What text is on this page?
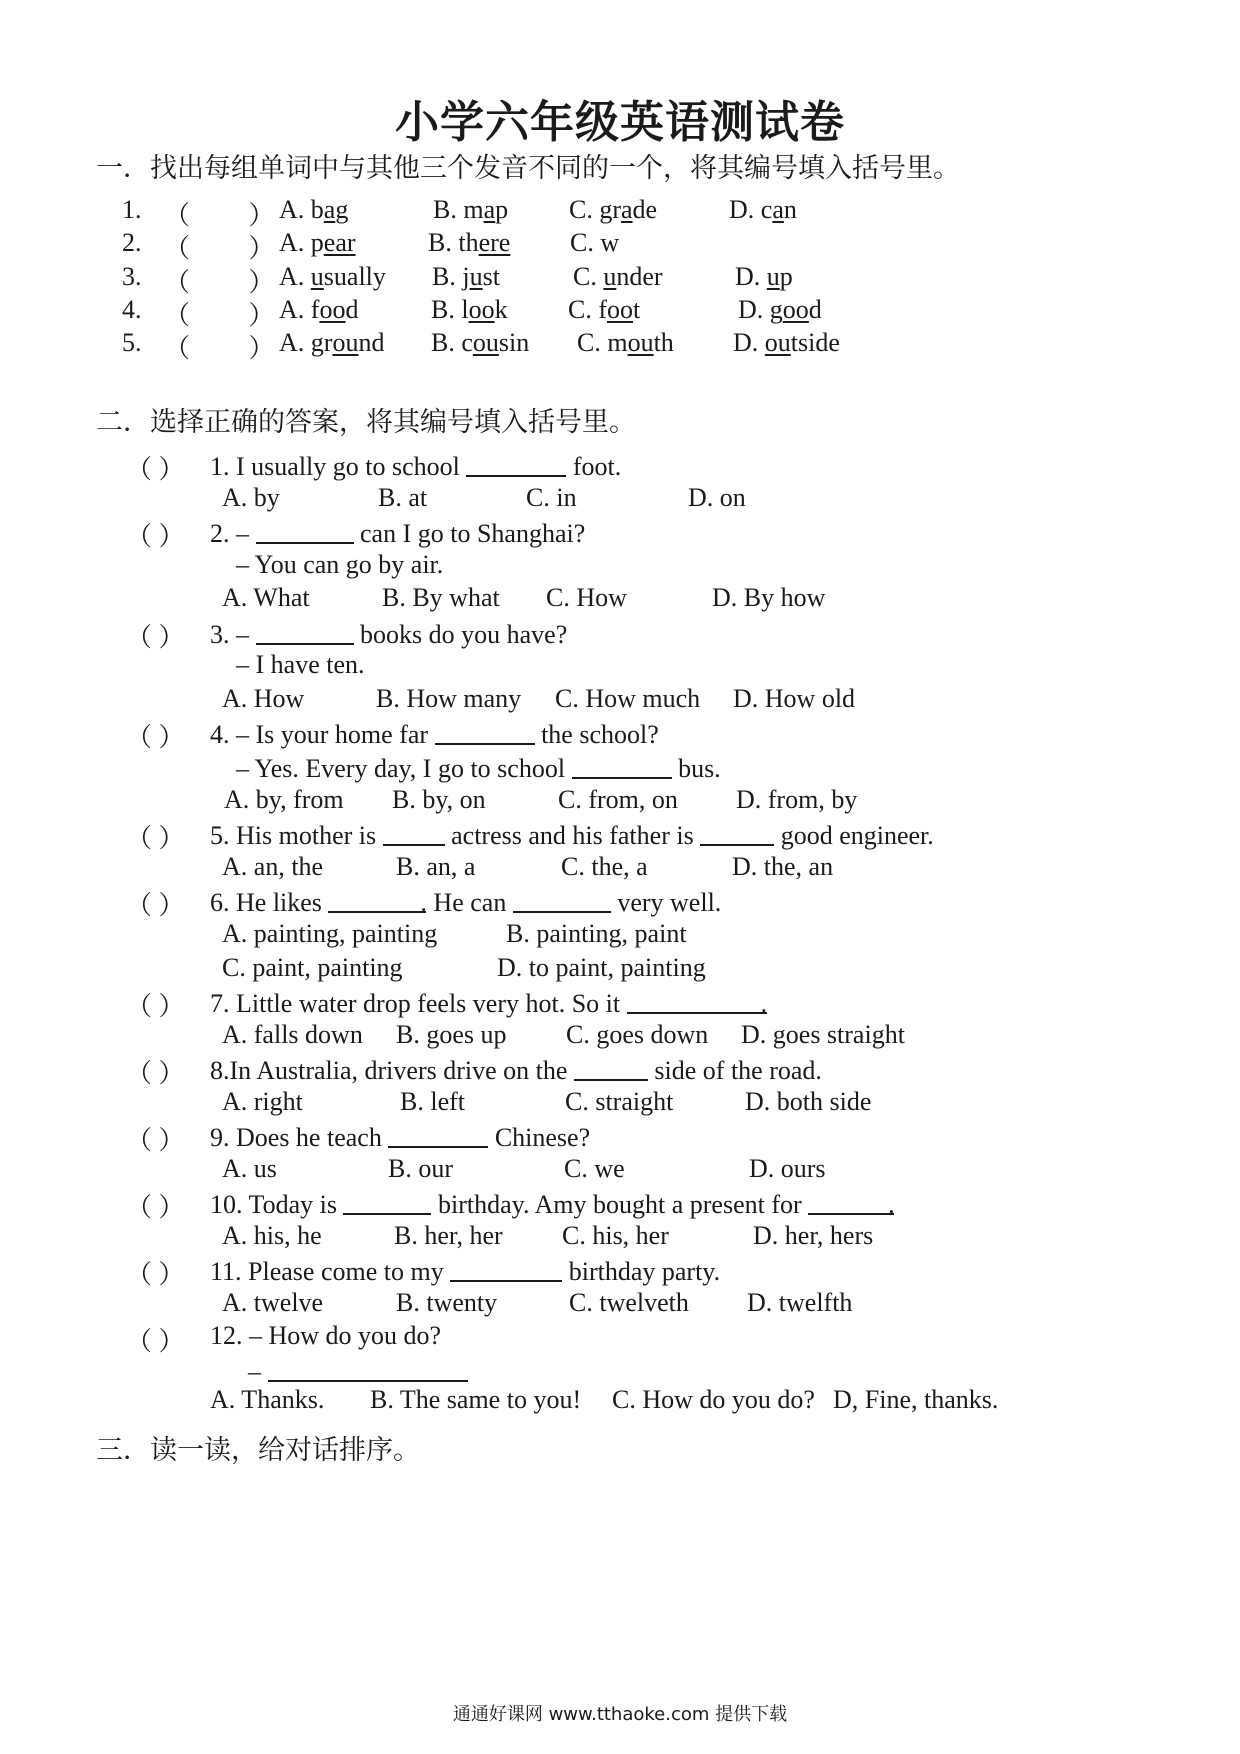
小学六年级英语测试卷
一．找出每组单词中与其他三个发音不同的一个，将其编号填入括号里。
1. （ ） A. bag	B. map C. grade	D. can
2. （ ） A. pear	B. there C. w
3. （ ） A. usually B. just	C. under	D. up
4. （ ） A. food	B. look C. foot	D. good
5. （ ） A. ground B. cousin C. mouth D. outside
二．选择正确的答案，将其编号填入括号里。
（ ） 1. I usually go to school	foot.
A. by	B. at	C. in	D. on
（ ） 2. –	can I go to Shanghai?
– You can go by air.
A. What	B. By what C. How	D. By how
（ ） 3. –	books do you have?
– I have ten.
A. How	B. How many C. How much D. How old
（ ） 4. – Is your home far	the school?
– Yes. Every day, I go to school	bus.
A. by, from B. by, on	C. from, on D. from, by
（ ） 5. His mother is	actress and his father is	good engineer.
A. an, the	B. an, a	C. the, a	D. the, an
（ ） 6. He likes	. He can	very well.
A. painting, painting	B. painting, paint
C. paint, painting	D. to paint, painting
（ ） 7. Little water drop feels very hot. So it	.
A. falls down B. goes up C. goes down D. goes straight
（ ） 8.In Australia, drivers drive on the	side of the road.
A. right	B. left	C. straight	D. both side
（ ） 9. Does he teach	Chinese?
A. us	B. our	C. we	D. ours
（ ） 10. Today is	birthday. Amy bought a present for	.
A. his, he	B. her, her C. his, her	D. her, hers
（ ） 11. Please come to my	birthday party.
A. twelve	B. twenty	C. twelveth D. twelfth
（ ） 12. – How do you do?
–
A. Thanks. B. The same to you! C. How do you do? D, Fine, thanks.
三．读一读，给对话排序。
通通好课网 www.tthaoke.com 提供下载
